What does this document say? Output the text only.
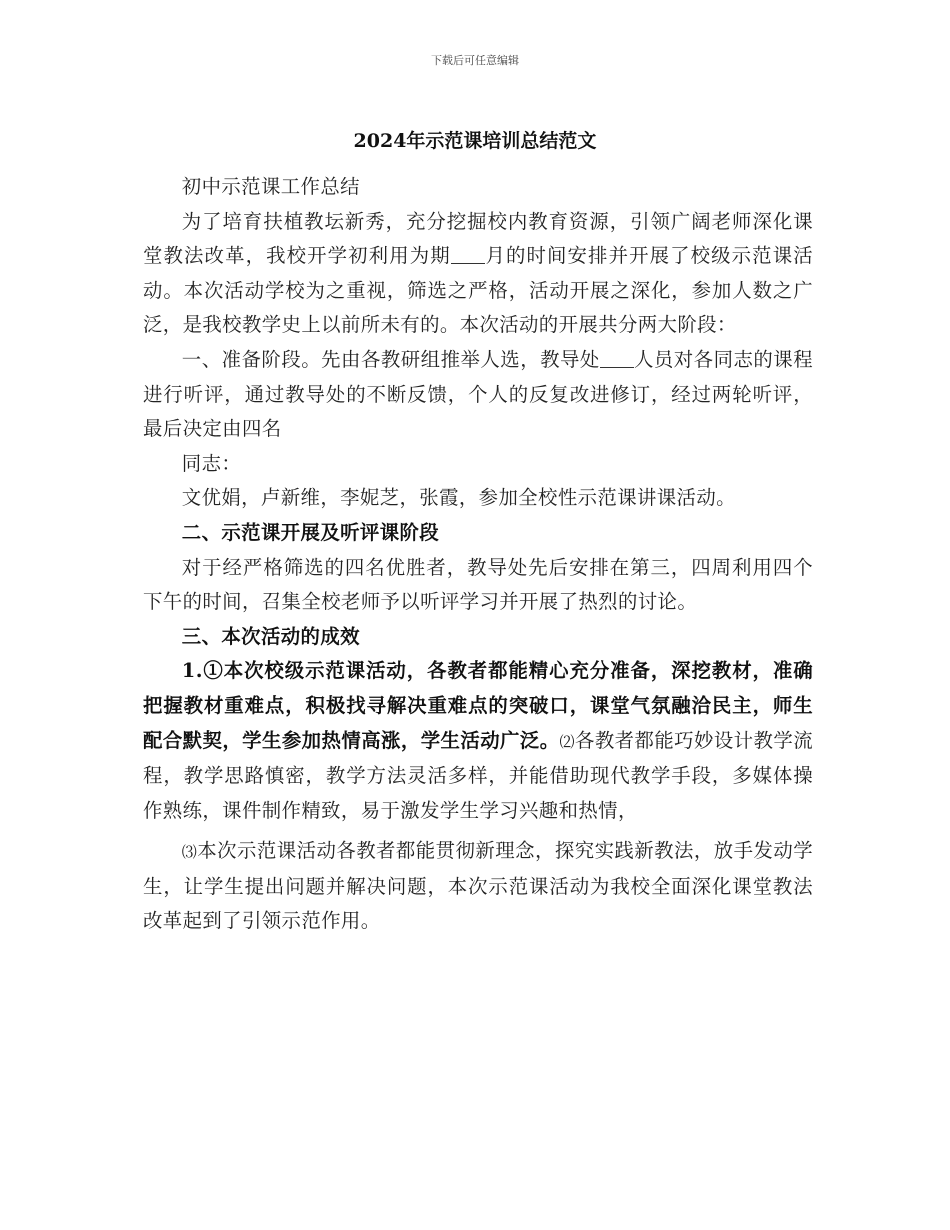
下载后可任意编辑
2024年示范课培训总结范文

初中示范课工作总结

为了培育扶植教坛新秀，充分挖掘校内教育资源，引领广阔老师深化课堂教法改革，我校开学初利用为期 月的时间安排并开展了校级示范课活动。本次活动学校为之重视，筛选之严格，活动开展之深化，参加人数之广泛，是我校教学史上以前所未有的。本次活动的开展共分两大阶段：

一、准备阶段。先由各教研组推举人选，教导处 人员对各同志的课程进行听评，通过教导处的不断反馈，个人的反复改进修订，经过两轮听评，最后决定由四名

同志：

文优娟，卢新维，李妮芝，张霞，参加全校性示范课讲课活动。

二、示范课开展及听评课阶段

对于经严格筛选的四名优胜者，教导处先后安排在第三，四周利用四个下午的时间，召集全校老师予以听评学习并开展了热烈的讨论。

三、本次活动的成效

1.①本次校级示范课活动，各教者都能精心充分准备，深挖教材，准确把握教材重难点，积极找寻解决重难点的突破口，课堂气氛融洽民主，师生配合默契，学生参加热情高涨，学生活动广泛。⑵各教者都能巧妙设计教学流程，教学思路慎密，教学方法灵活多样，并能借助现代教学手段，多媒体操作熟练，课件制作精致，易于激发学生学习兴趣和热情，

⑶本次示范课活动各教者都能贯彻新理念，探究实践新教法，放手发动学生，让学生提出问题并解决问题，本次示范课活动为我校全面深化课堂教法改革起到了引领示范作用。
